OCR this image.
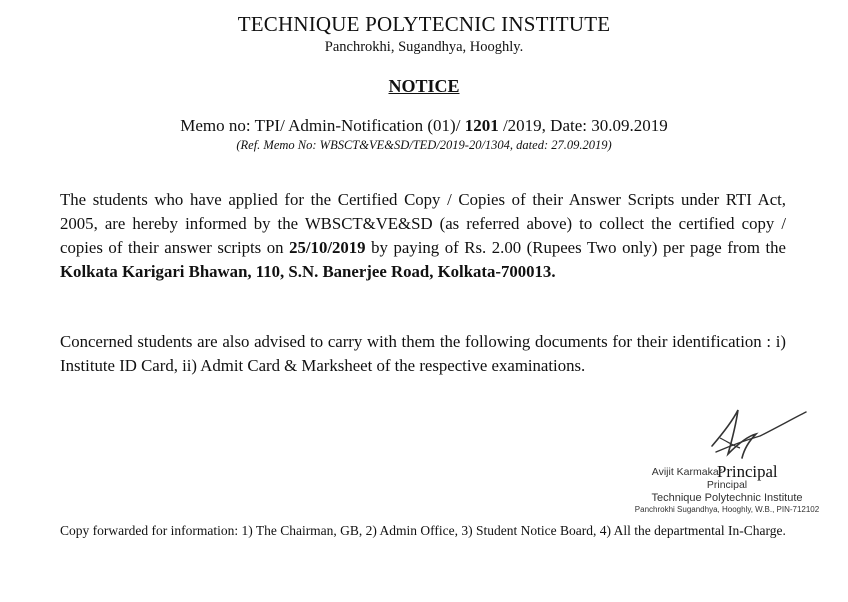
TECHNIQUE POLYTECNIC INSTITUTE
Panchrokhi, Sugandhya, Hooghly.
NOTICE
Memo no: TPI/ Admin-Notification (01)/ 1201 /2019, Date: 30.09.2019
(Ref. Memo No: WBSCT&VE&SD/TED/2019-20/1304, dated: 27.09.2019)

The students who have applied for the Certified Copy / Copies of their Answer Scripts under RTI Act, 2005, are hereby informed by the WBSCT&VE&SD (as referred above) to collect the certified copy / copies of their answer scripts on 25/10/2019 by paying of Rs. 2.00 (Rupees Two only) per page from the Kolkata Karigari Bhawan, 110, S.N. Banerjee Road, Kolkata-700013.

Concerned students are also advised to carry with them the following documents for their identification : i) Institute ID Card, ii) Admit Card & Marksheet of the respective examinations.

Principal
Avijit Karmakar
Principal
Technique Polytechnic Institute
Panchrokhi Sugandhya, Hooghly, W.B., PIN-712102

Copy forwarded for information: 1) The Chairman, GB, 2) Admin Office, 3) Student Notice Board, 4) All the departmental In-Charge.
